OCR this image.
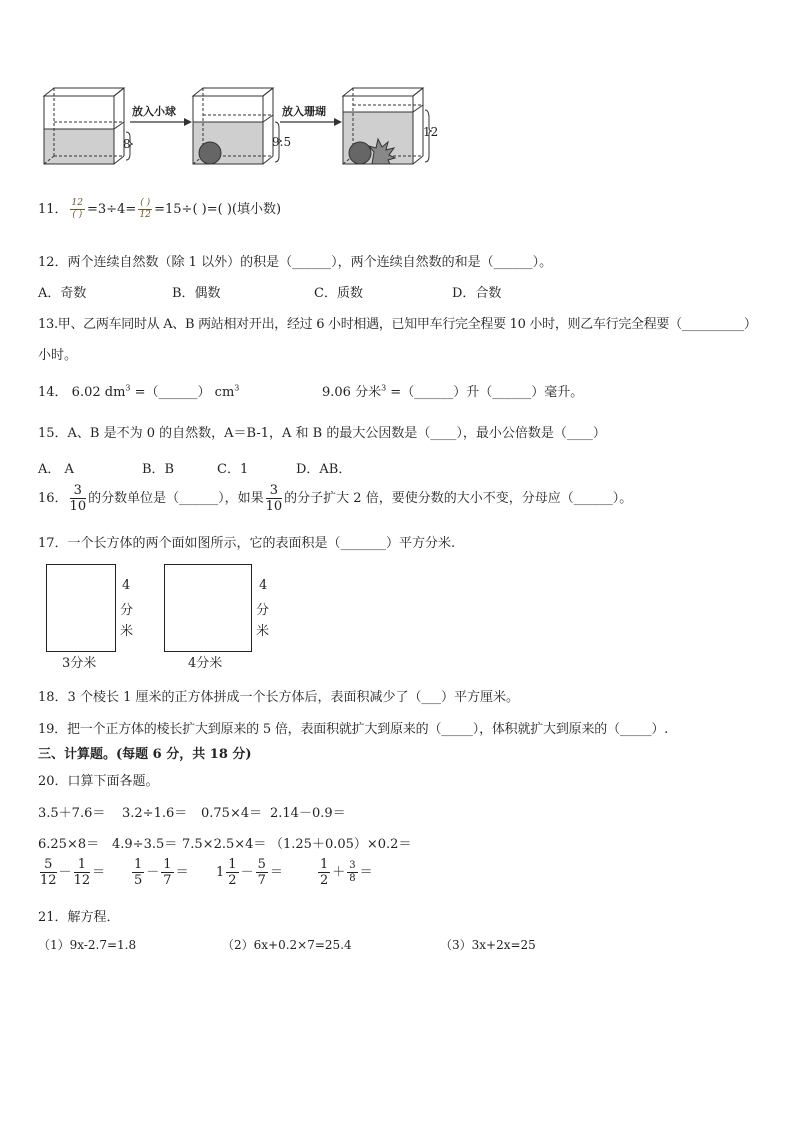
8
放入小球
9.5
放入珊瑚
12
11． $\frac{12}{( )} =3\div 4= \frac{( )}{12} =15\div$( )=( )(填小数)
12．两个连续自然数（除 1 以外）的积是（______），两个连续自然数的和是（______）。
A．奇数	B．偶数	C．质数	D．合数
13.甲、乙两车同时从 A、B 两站相对开出，经过 6 小时相遇，已知甲车行完全程要 10 小时，则乙车行完全程要（__________）
小时。
14． 6.02 $dm^3$ =（______） $cm^3$	9.06 分米$^3$ =（______）升（______）毫升。
15．A、B 是不为 0 的自然数，A＝B-1，A 和 B 的最大公因数是（____），最小公倍数是（____）
A． A	B．B	C．1	D．AB．
16． $\frac{3}{10}$ 的分数单位是（______），如果 $\frac{3}{10}$ 的分子扩大 2 倍，要使分数的大小不变，分母应（______）。
17．一个长方体的两个面如图所示，它的表面积是（_______）平方分米.
3分米
4
分
米
4分米
4
分
米
18．3 个棱长 1 厘米的正方体拼成一个长方体后，表面积减少了（___）平方厘米。
19．把一个正方体的棱长扩大到原来的 5 倍，表面积就扩大到原来的（_____），体积就扩大到原来的（_____）.
三、计算题。(每题 6 分，共 18 分)
20．口算下面各题。
3.5＋7.6＝ 3.2÷1.6＝ 0.75×4＝ 2.14－0.9＝
6.25×8＝ 4.9÷3.5＝ 7.5×2.5×4＝ （1.25＋0.05）×0.2＝
$\frac{5}{12} - \frac{1}{12} = \frac{1}{5} - \frac{1}{7} = 1 \frac{1}{2} - \frac{5}{7}$ ＝	$\frac{1}{2} + \frac{3}{8}$ ＝
21．解方程．
（1）9x-2.7=1.8	（2）6x+0.2×7=25.4	（3）3x+2x=25
